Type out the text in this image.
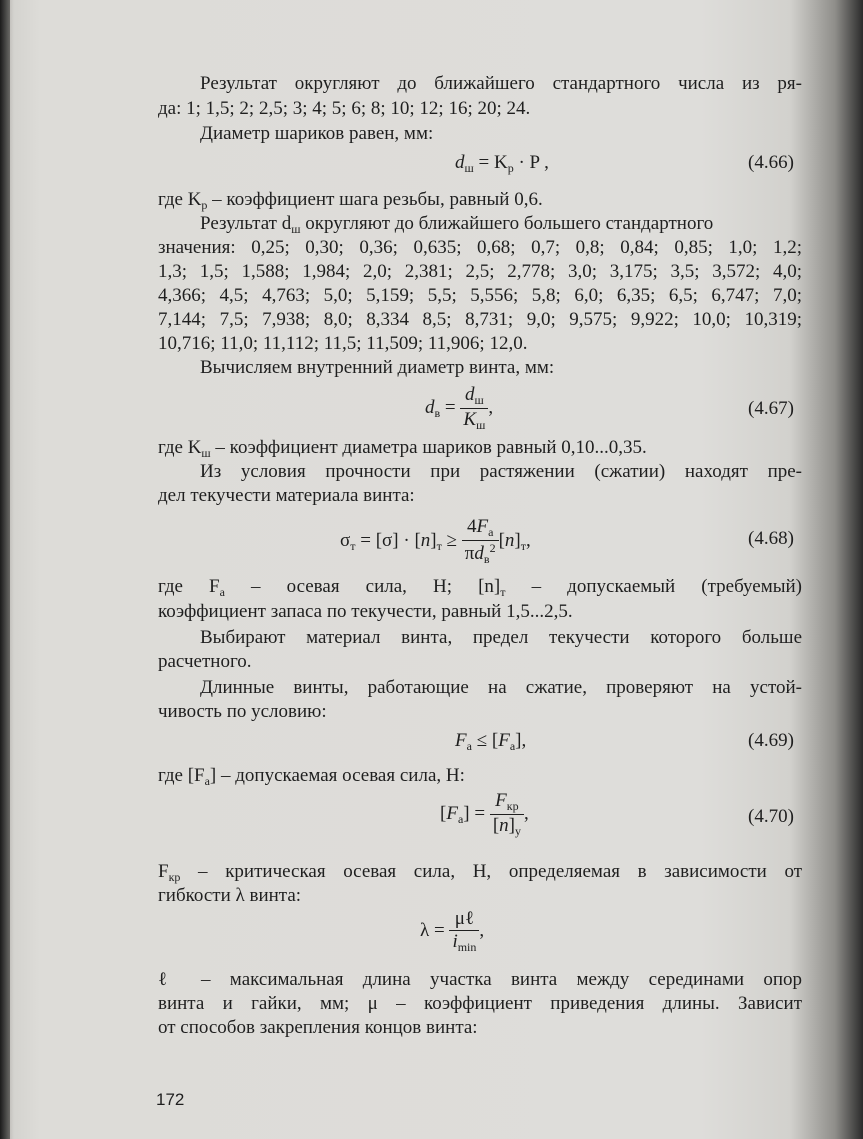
Результат округляют до ближайшего стандартного числа из ря-
да: 1; 1,5; 2; 2,5; 3; 4; 5; 6; 8; 10; 12; 16; 20; 24.
Диаметр шариков равен, мм:
$d_ш = K_р \cdot P$ ,	(4.66)
где $K_р$ – коэффициент шага резьбы, равный 0,6.
Результат $d_ш$ округляют до ближайшего большего стандартного
значения: 0,25; 0,30; 0,36; 0,635; 0,68; 0,7; 0,8; 0,84; 0,85; 1,0; 1,2;
1,3; 1,5; 1,588; 1,984; 2,0; 2,381; 2,5; 2,778; 3,0; 3,175; 3,5; 3,572; 4,0;
4,366; 4,5; 4,763; 5,0; 5,159; 5,5; 5,556; 5,8; 6,0; 6,35; 6,5; 6,747; 7,0;
7,144; 7,5; 7,938; 8,0; 8,334 8,5; 8,731; 9,0; 9,575; 9,922; 10,0; 10,319;
10,716; 11,0; 11,112; 11,5; 11,509; 11,906; 12,0.
Вычисляем внутренний диаметр винта, мм:
$d_в = \frac{d_ш}{K_ш}$ ,	(4.67)
где $K_ш$ – коэффициент диаметра шариков равный 0,10...0,35.
Из условия прочности при растяжении (сжатии) находят пре-
дел текучести материала винта:
$\sigma_т = [\sigma] \cdot [n]_т \ge \frac{4F_а}{\pi d_в^2} [n]_т$,	(4.68)
где $F_а$ – осевая сила, Н; $[n]_т$ – допускаемый (требуемый)
коэффициент запаса по текучести, равный 1,5...2,5.
Выбирают материал винта, предел текучести которого больше
расчетного.
Длинные винты, работающие на сжатие, проверяют на устой-
чивость по условию:
$F_а \le [F_а]$,	(4.69)
где $[F_а]$ – допускаемая осевая сила, Н:
$[F_а] = \frac{F_{кр}}{[n]_у}$ ,	(4.70)
$F_{кр}$ – критическая осевая сила, Н, определяемая в зависимости от
гибкости λ винта:
$\lambda = \frac{\text{μℓ}}{i_{min}}$ ,
ℓ – максимальная длина участка винта между серединами опор
винта и гайки, мм; μ – коэффициент приведения длины. Зависит
от способов закрепления концов винта:
172
